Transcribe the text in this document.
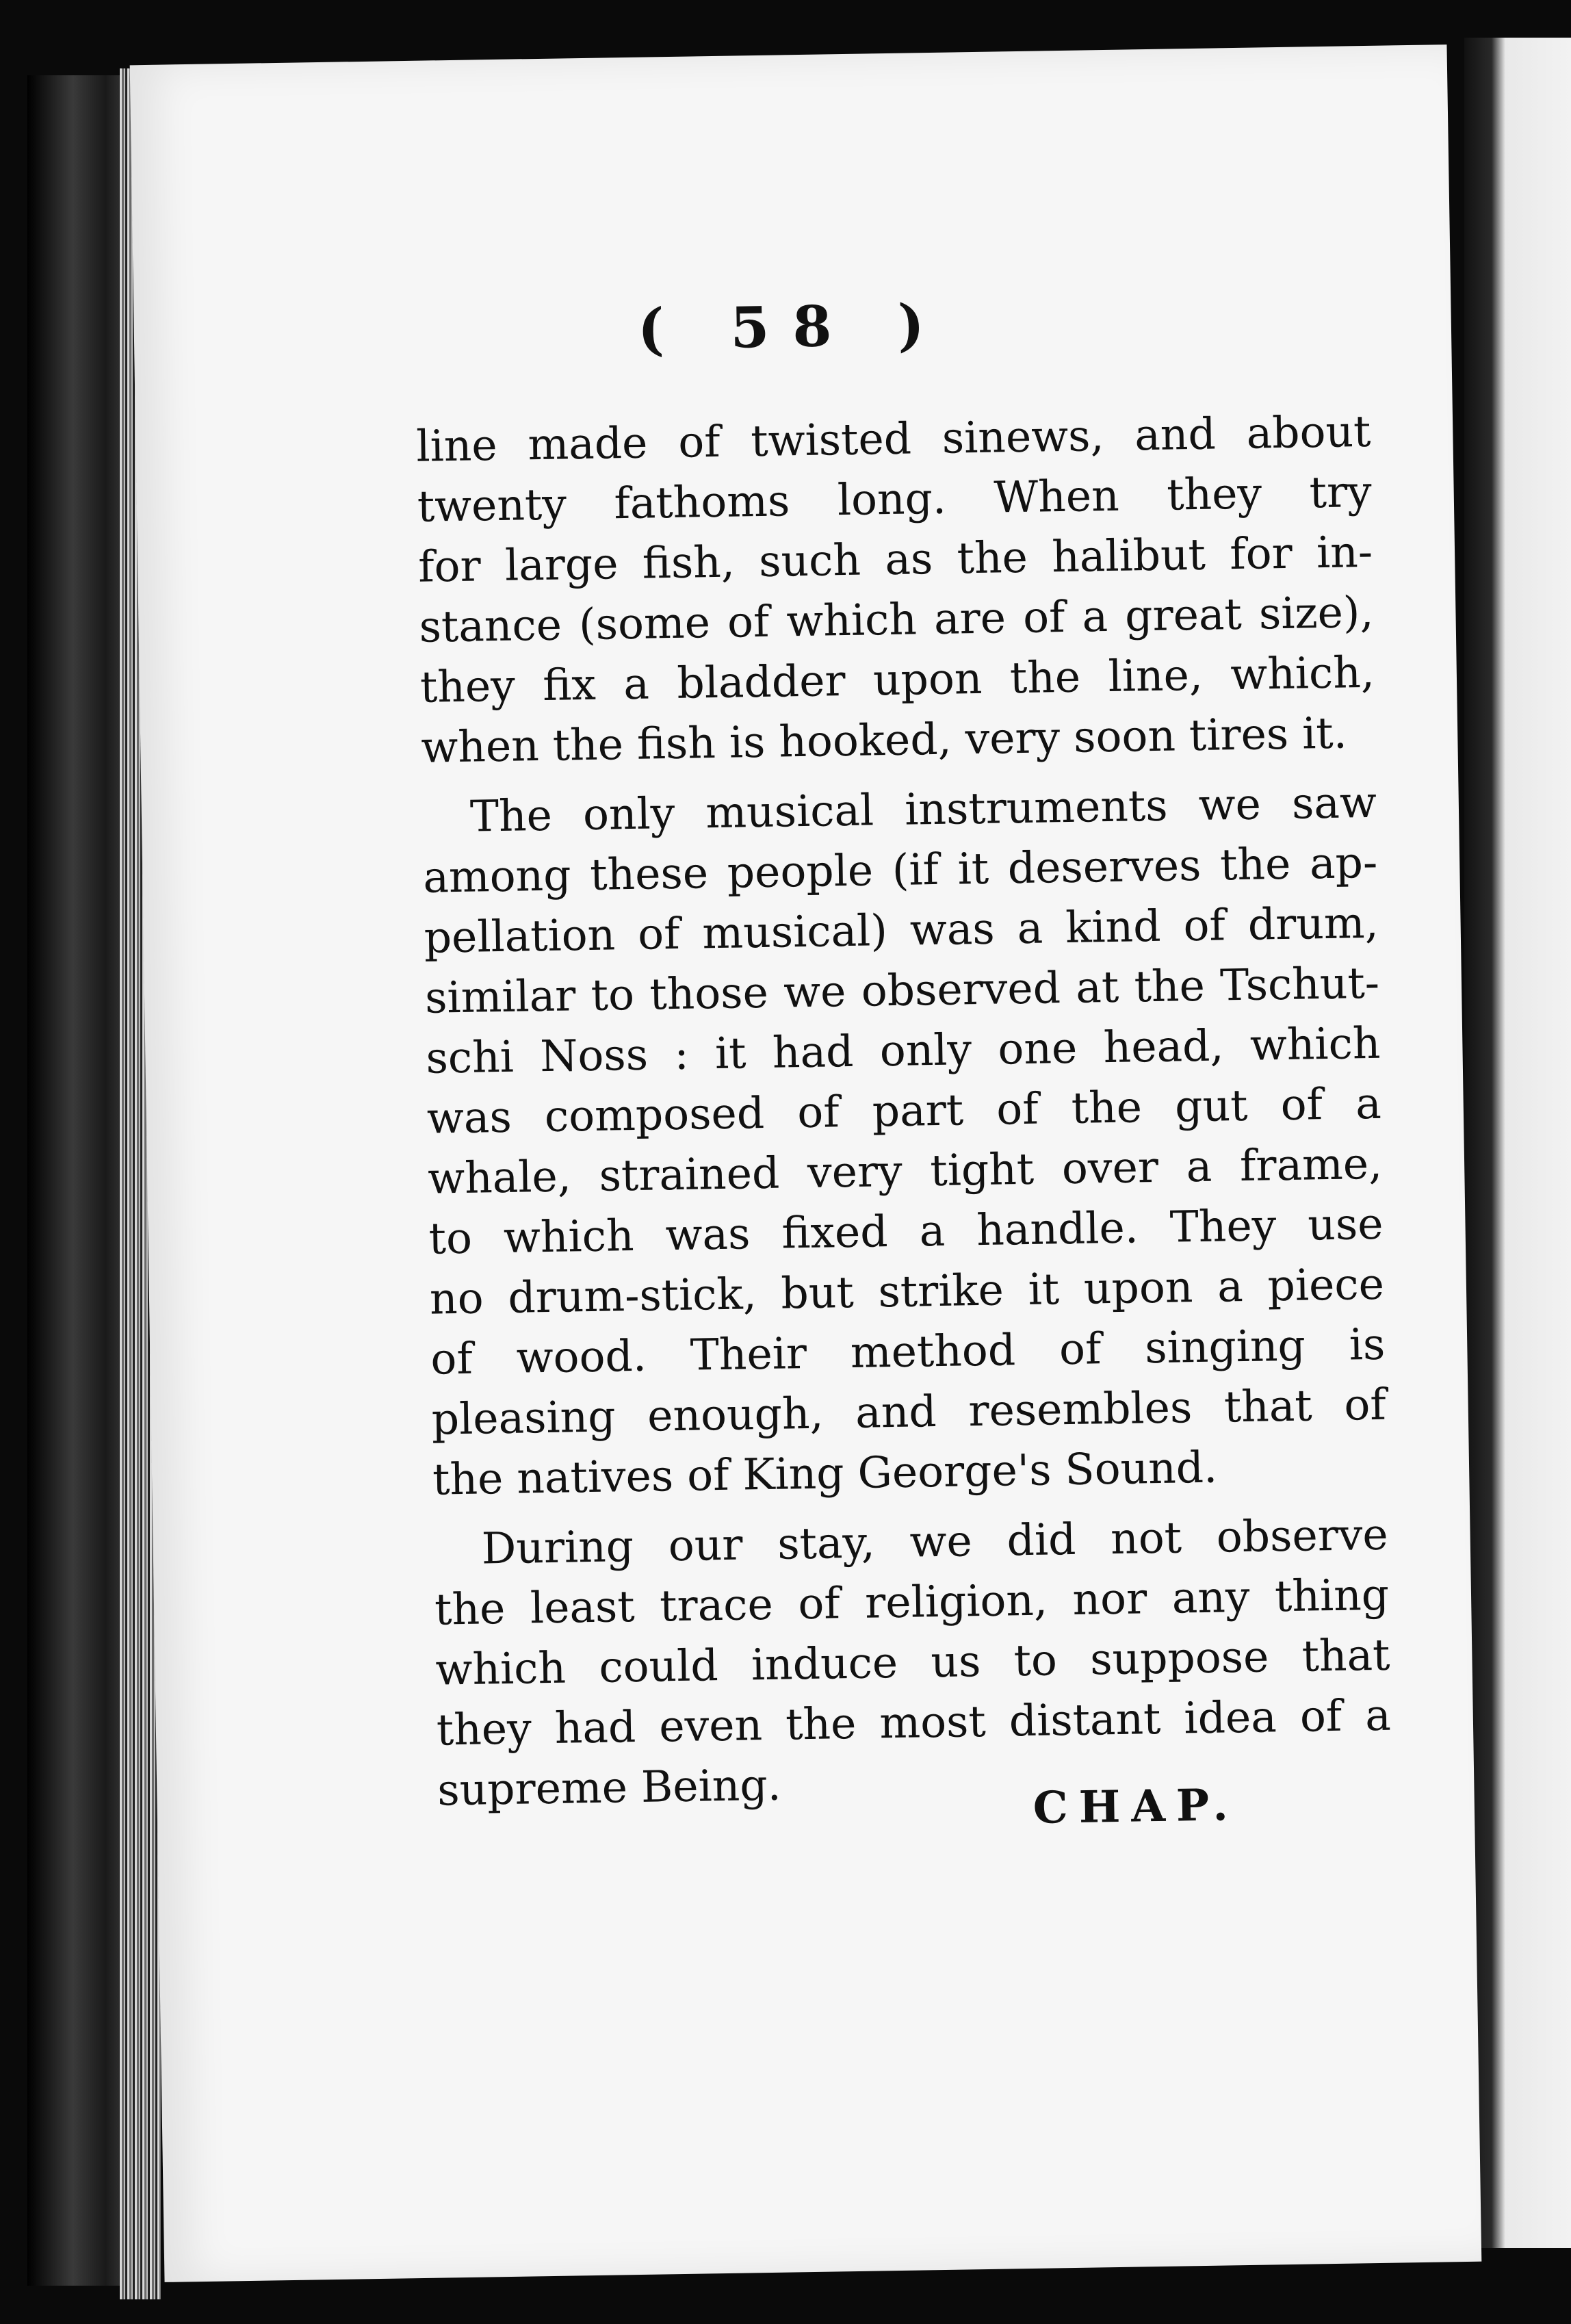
( 58 )
line made of twisted sinews, and about
twenty fathoms long. When they try
for large fish, such as the halibut for in-
stance (some of which are of a great size),
they fix a bladder upon the line, which,
when the fish is hooked, very soon tires it.
The only musical instruments we saw
among these people (if it deserves the ap-
pellation of musical) was a kind of drum,
similar to those we observed at the Tschut-
schi Noss : it had only one head, which
was composed of part of the gut of a
whale, strained very tight over a frame,
to which was fixed a handle. They use
no drum-stick, but strike it upon a piece
of wood. Their method of singing is
pleasing enough, and resembles that of
the natives of King George's Sound.
During our stay, we did not observe
the least trace of religion, nor any thing
which could induce us to suppose that
they had even the most distant idea of a
supreme Being.	CHAP.
